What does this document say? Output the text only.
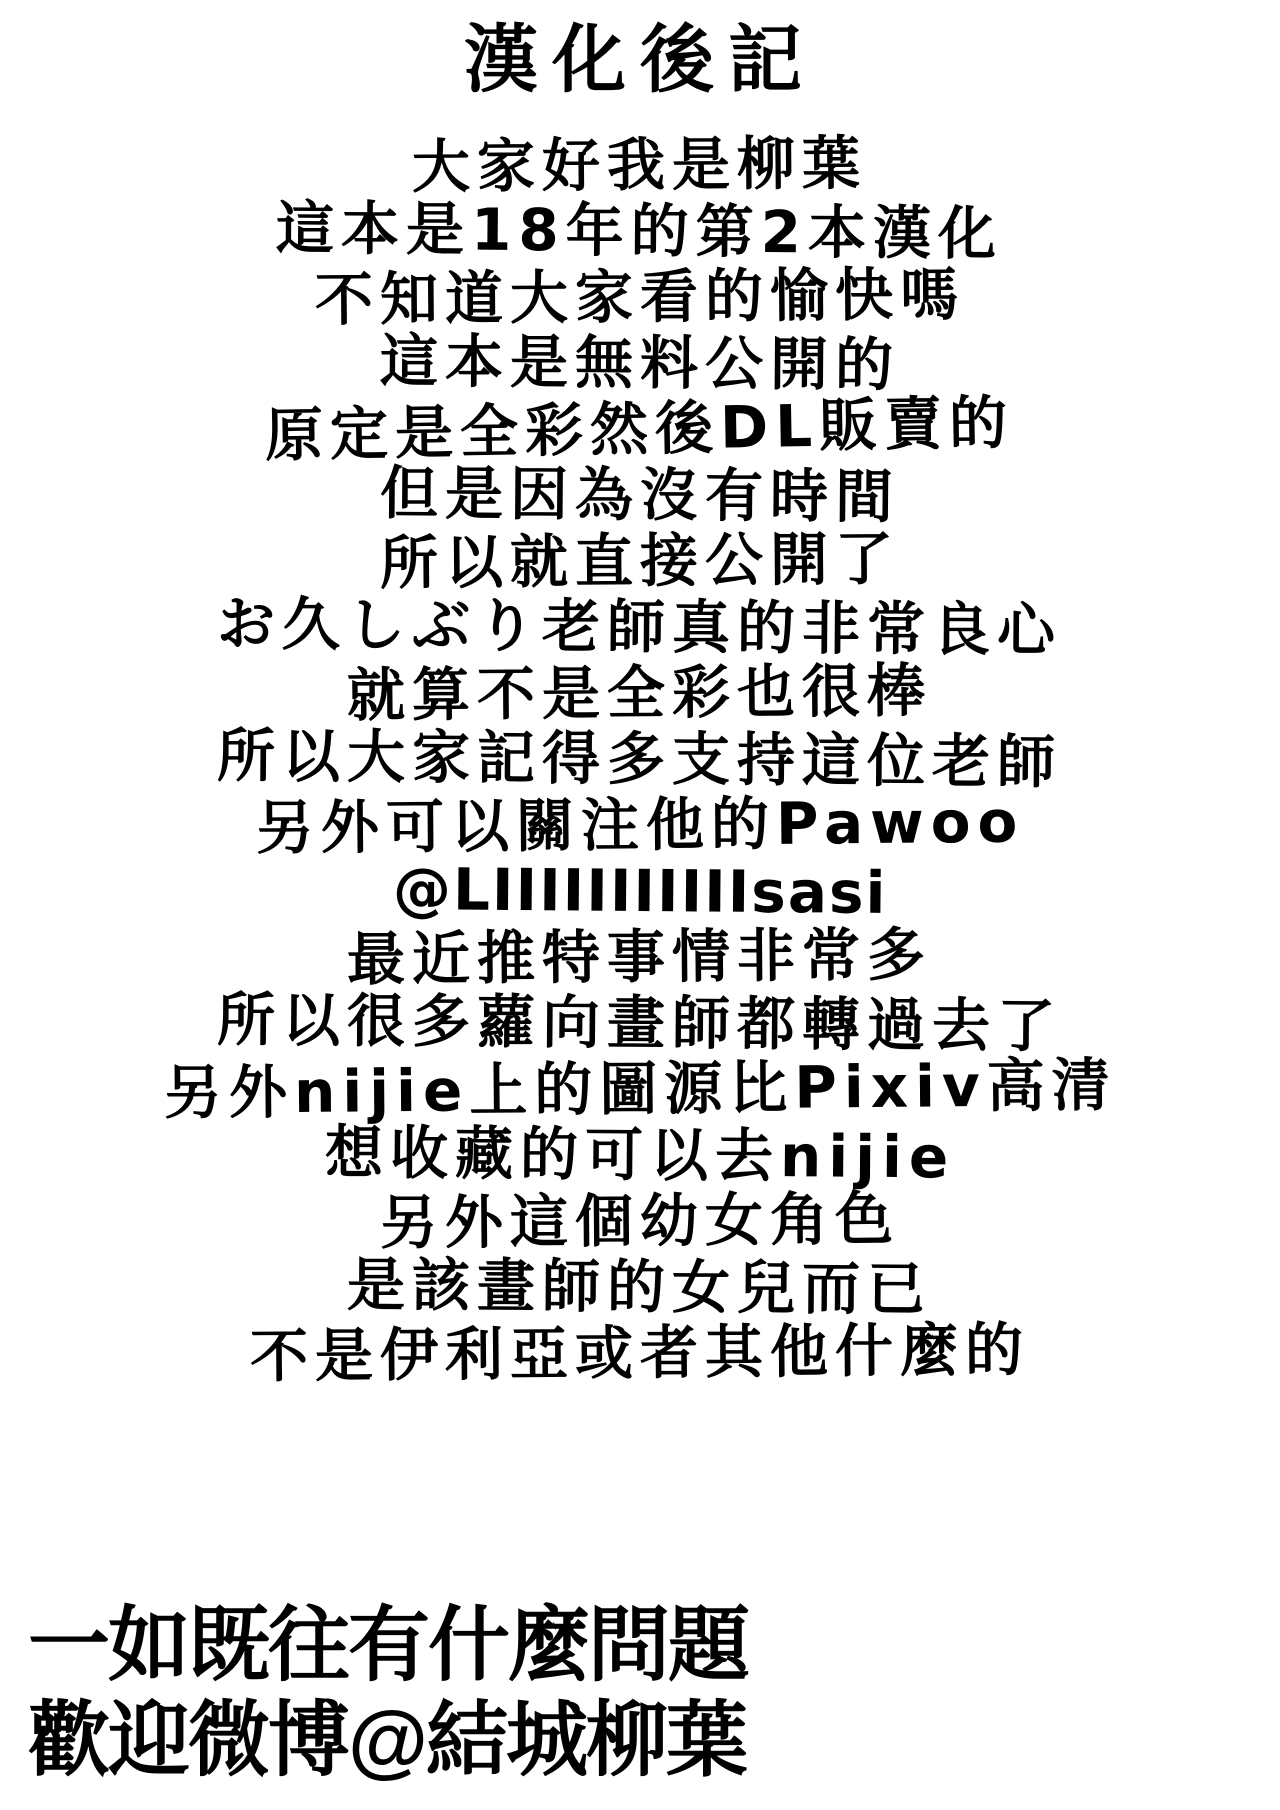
漢化後記
大家好我是柳葉
這本是18年的第2本漢化
不知道大家看的愉快嗎
這本是無料公開的
原定是全彩然後DL販賣的
但是因為沒有時間
所以就直接公開了
お久しぶり老師真的非常良心
就算不是全彩也很棒
所以大家記得多支持這位老師
另外可以關注他的Pawoo
@LIIIIIIIIIIIsasi
最近推特事情非常多
所以很多蘿向畫師都轉過去了
另外nijie上的圖源比Pixiv高清
想收藏的可以去nijie
另外這個幼女角色
是該畫師的女兒而已
不是伊利亞或者其他什麼的
一如既往有什麼問題
歡迎微博@結城柳葉
